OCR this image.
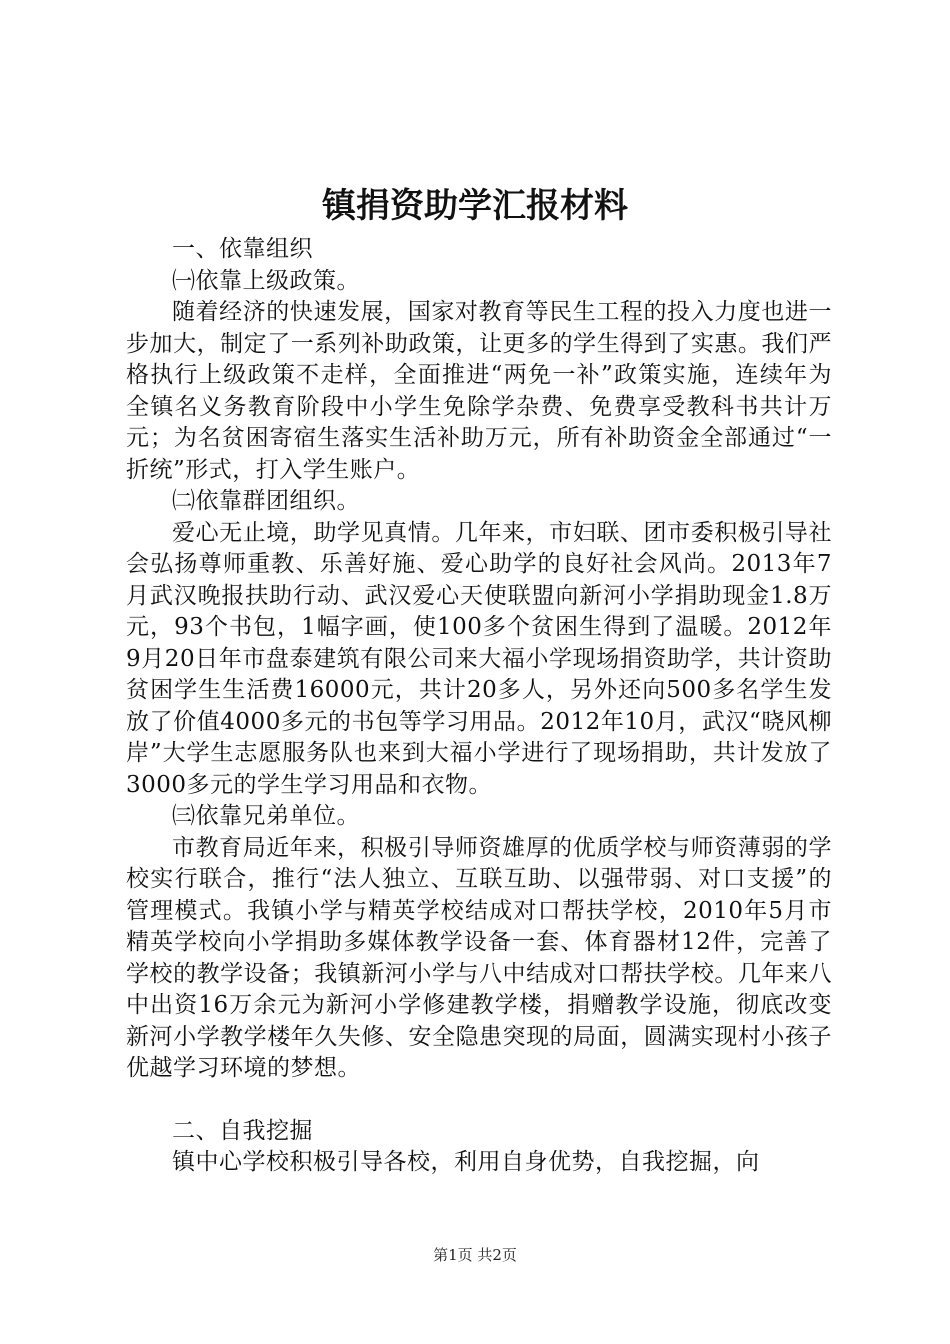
镇捐资助学汇报材料

一、依靠组织

㈠依靠上级政策。

随着经济的快速发展，国家对教育等民生工程的投入力度也进一步加大，制定了一系列补助政策，让更多的学生得到了实惠。我们严格执行上级政策不走样，全面推进“两免一补”政策实施，连续年为全镇名义务教育阶段中小学生免除学杂费、免费享受教科书共计万元；为名贫困寄宿生落实生活补助万元，所有补助资金全部通过“一折统”形式，打入学生账户。

㈡依靠群团组织。

爱心无止境，助学见真情。几年来，市妇联、团市委积极引导社会弘扬尊师重教、乐善好施、爱心助学的良好社会风尚。2013年7月武汉晚报扶助行动、武汉爱心天使联盟向新河小学捐助现金1.8万元，93个书包，1幅字画，使100多个贫困生得到了温暖。2012年9月20日年市盘泰建筑有限公司来大福小学现场捐资助学，共计资助贫困学生生活费16000元，共计20多人，另外还向500多名学生发放了价值4000多元的书包等学习用品。2012年10月，武汉“晓风柳岸”大学生志愿服务队也来到大福小学进行了现场捐助，共计发放了3000多元的学生学习用品和衣物。

㈢依靠兄弟单位。

市教育局近年来，积极引导师资雄厚的优质学校与师资薄弱的学校实行联合，推行“法人独立、互联互助、以强带弱、对口支援”的管理模式。我镇小学与精英学校结成对口帮扶学校，2010年5月市精英学校向小学捐助多媒体教学设备一套、体育器材12件，完善了学校的教学设备；我镇新河小学与八中结成对口帮扶学校。几年来八中出资16万余元为新河小学修建教学楼，捐赠教学设施，彻底改变新河小学教学楼年久失修、安全隐患突现的局面，圆满实现村小孩子优越学习环境的梦想。

二、自我挖掘

镇中心学校积极引导各校，利用自身优势，自我挖掘，向

第1页 共2页
